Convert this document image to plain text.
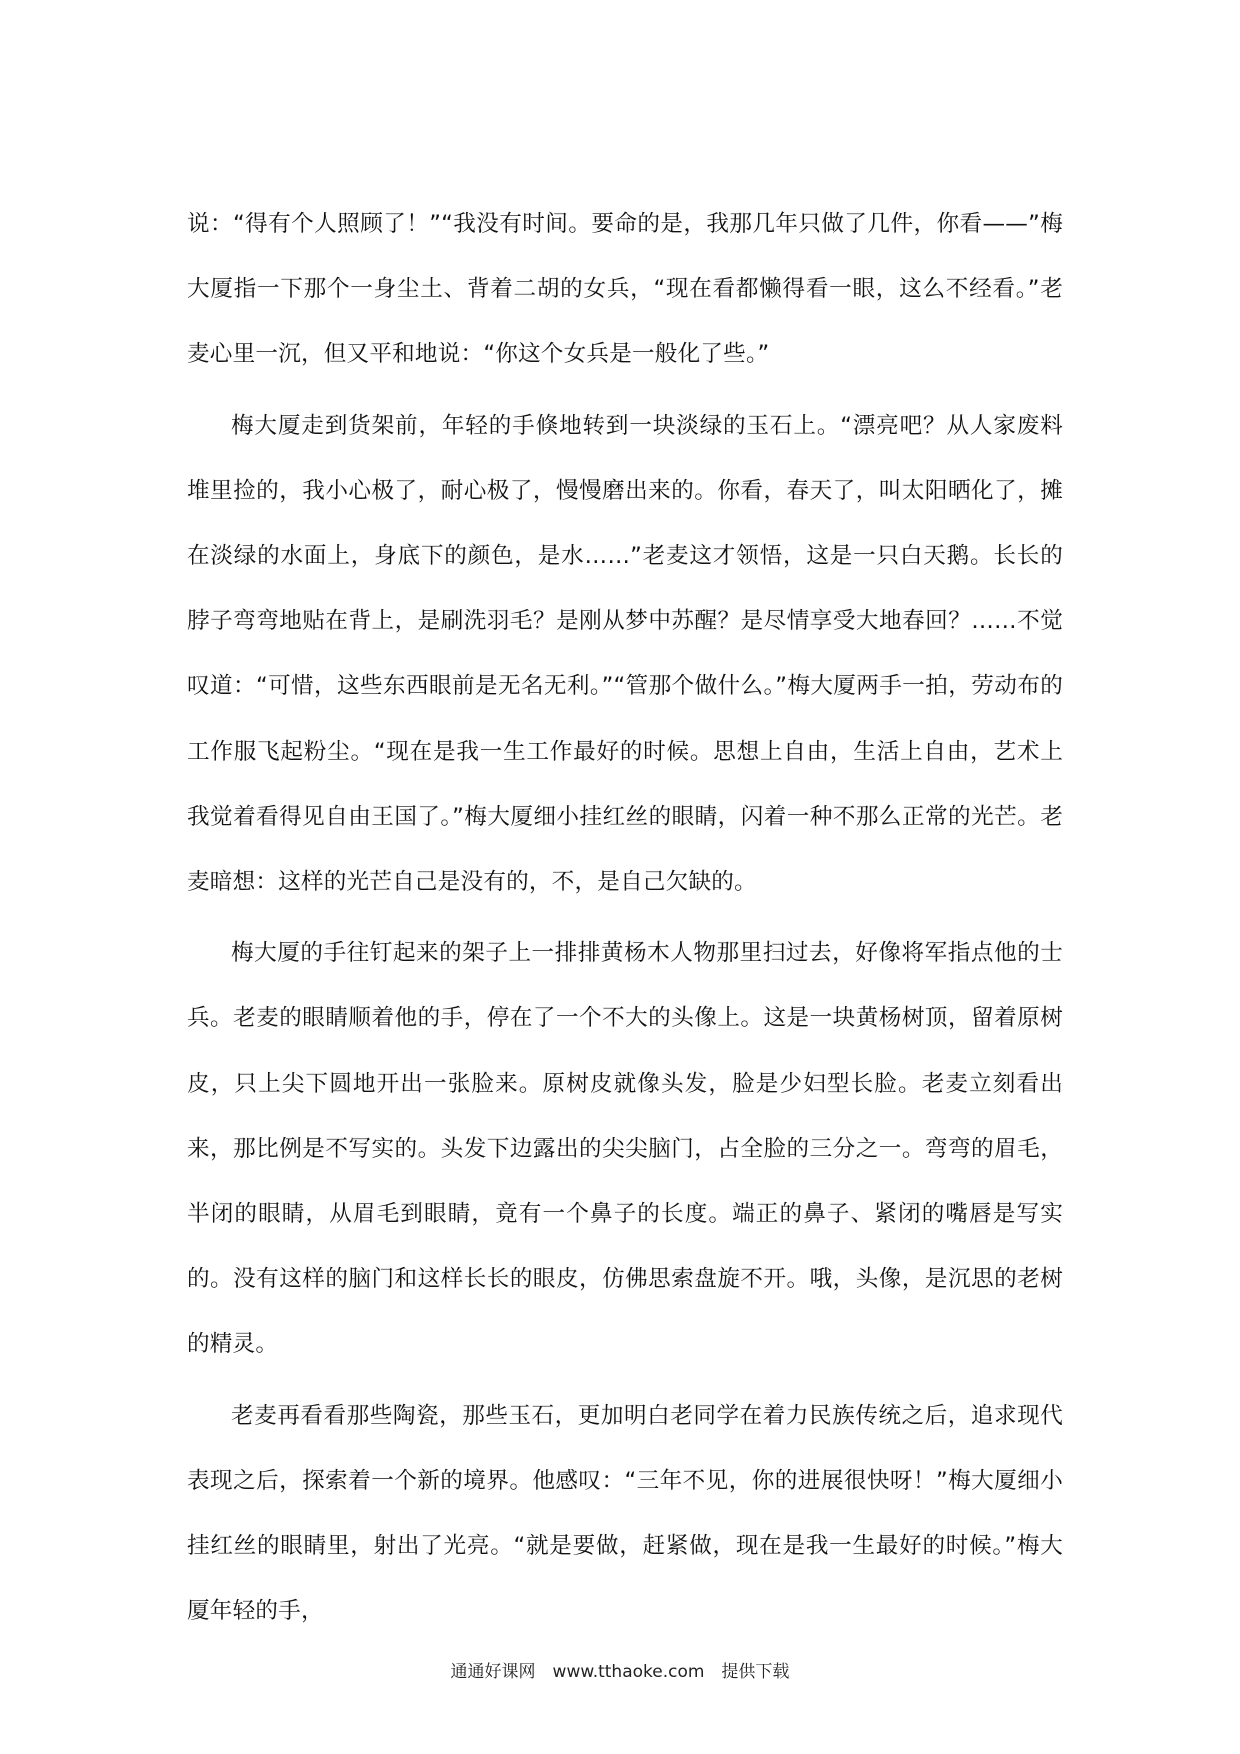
说：“得有个人照顾了！”“我没有时间。要命的是，我那几年只做了几件，你看——”梅大厦指一下那个一身尘土、背着二胡的女兵，“现在看都懒得看一眼，这么不经看。”老麦心里一沉，但又平和地说：“你这个女兵是一般化了些。”

梅大厦走到货架前，年轻的手倏地转到一块淡绿的玉石上。“漂亮吧？从人家废料堆里捡的，我小心极了，耐心极了，慢慢磨出来的。你看，春天了，叫太阳晒化了，摊在淡绿的水面上，身底下的颜色，是水……”老麦这才领悟，这是一只白天鹅。长长的脖子弯弯地贴在背上，是刷洗羽毛？是刚从梦中苏醒？是尽情享受大地春回？……不觉叹道：“可惜，这些东西眼前是无名无利。”“管那个做什么。”梅大厦两手一拍，劳动布的工作服飞起粉尘。“现在是我一生工作最好的时候。思想上自由，生活上自由，艺术上我觉着看得见自由王国了。”梅大厦细小挂红丝的眼睛，闪着一种不那么正常的光芒。老麦暗想：这样的光芒自己是没有的，不，是自己欠缺的。

梅大厦的手往钉起来的架子上一排排黄杨木人物那里扫过去，好像将军指点他的士兵。老麦的眼睛顺着他的手，停在了一个不大的头像上。这是一块黄杨树顶，留着原树皮，只上尖下圆地开出一张脸来。原树皮就像头发，脸是少妇型长脸。老麦立刻看出来，那比例是不写实的。头发下边露出的尖尖脑门，占全脸的三分之一。弯弯的眉毛，半闭的眼睛，从眉毛到眼睛，竟有一个鼻子的长度。端正的鼻子、紧闭的嘴唇是写实的。没有这样的脑门和这样长长的眼皮，仿佛思索盘旋不开。哦，头像，是沉思的老树的精灵。

老麦再看看那些陶瓷，那些玉石，更加明白老同学在着力民族传统之后，追求现代表现之后，探索着一个新的境界。他感叹：“三年不见，你的进展很快呀！”梅大厦细小挂红丝的眼睛里，射出了光亮。“就是要做，赶紧做，现在是我一生最好的时候。”梅大厦年轻的手，

通通好课网　www.tthaoke.com　提供下载
